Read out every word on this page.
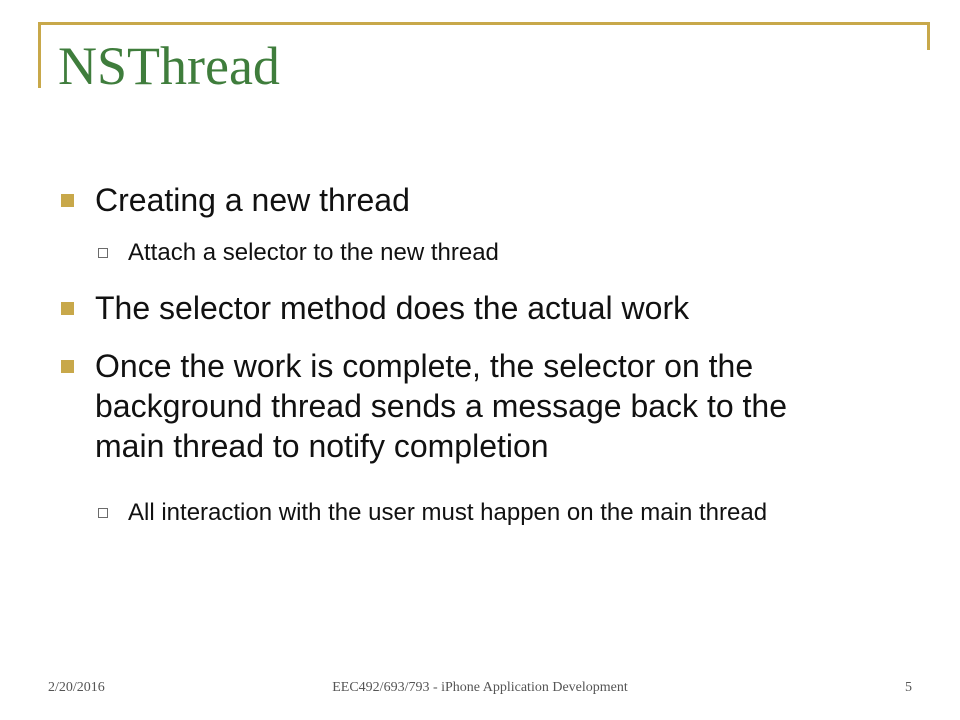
NSThread
Creating a new thread
Attach a selector to the new thread
The selector method does the actual work
Once the work is complete, the selector on the background thread sends a message back to the main thread to notify completion
All interaction with the user must happen on the main thread
2/20/2016	EEC492/693/793 - iPhone Application Development	5
